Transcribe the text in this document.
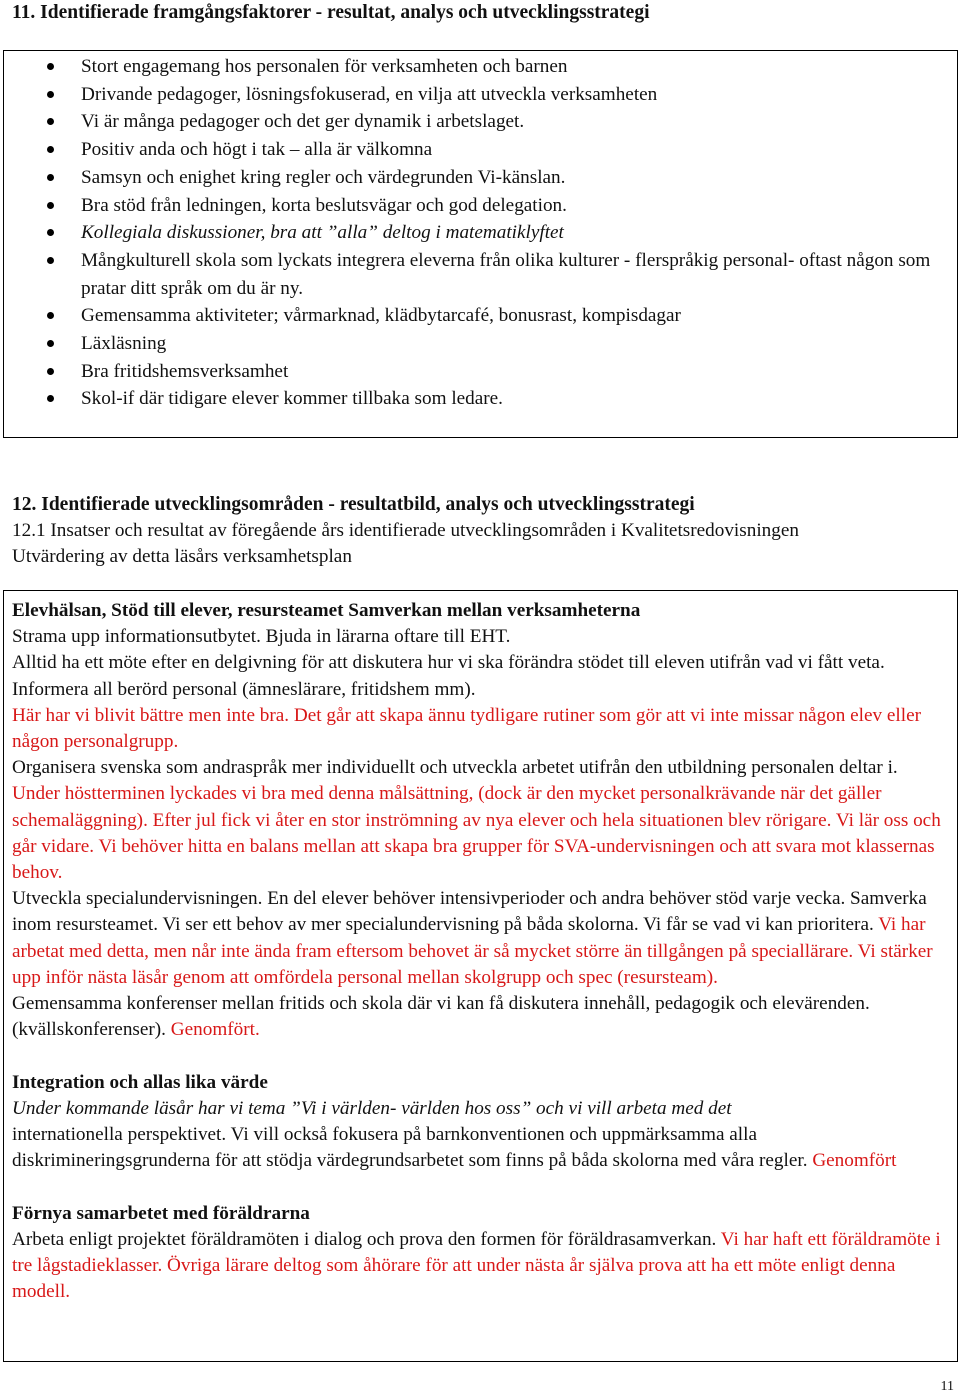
11. Identifierade framgångsfaktorer - resultat, analys och utvecklingsstrategi
Stort engagemang hos personalen för verksamheten och barnen
Drivande pedagoger, lösningsfokuserad, en vilja att utveckla verksamheten
Vi är många pedagoger och det ger dynamik i arbetslaget.
Positiv anda och högt i tak – alla är välkomna
Samsyn och enighet kring regler och värdegrunden Vi-känslan.
Bra stöd från ledningen, korta beslutsvägar och god delegation.
Kollegiala diskussioner, bra att ”alla” deltog i matematiklyftet
Mångkulturell skola som lyckats integrera eleverna från olika kulturer - flerspråkig personal- oftast någon som pratar ditt språk om du är ny.
Gemensamma aktiviteter; vårmarknad, klädbytarcafé, bonusrast, kompisdagar
Läxläsning
Bra fritidshemsverksamhet
Skol-if där tidigare elever kommer tillbaka som ledare.
12. Identifierade utvecklingsområden - resultatbild, analys och utvecklingsstrategi
12.1 Insatser och resultat av föregående års identifierade utvecklingsområden i Kvalitetsredovisningen
Utvärdering av detta läsårs verksamhetsplan

Elevhälsan, Stöd till elever, resursteamet Samverkan mellan verksamheterna

Strama upp informationsutbytet. Bjuda in lärarna oftare till EHT.

Alltid ha ett möte efter en delgivning för att diskutera hur vi ska förändra stödet till eleven utifrån vad vi fått veta. Informera all berörd personal (ämneslärare, fritidshem mm).

Här har vi blivit bättre men inte bra. Det går att skapa ännu tydligare rutiner som gör att vi inte missar någon elev eller någon personalgrupp.

Organisera svenska som andraspråk mer individuellt och utveckla arbetet utifrån den utbildning personalen deltar i. Under höstterminen lyckades vi bra med denna målsättning, (dock är den mycket personalkrävande när det gäller schemaläggning). Efter jul fick vi åter en stor inströmning av nya elever och hela situationen blev rörigare. Vi lär oss och går vidare. Vi behöver hitta en balans mellan att skapa bra grupper för SVA-undervisningen och att svara mot klassernas behov.

Utveckla specialundervisningen. En del elever behöver intensivperioder och andra behöver stöd varje vecka. Samverka inom resursteamet. Vi ser ett behov av mer specialundervisning på båda skolorna. Vi får se vad vi kan prioritera. Vi har arbetat med detta, men når inte ända fram eftersom behovet är så mycket större än tillgången på speciallärare. Vi stärker upp inför nästa läsår genom att omfördela personal mellan skolgrupp och spec (resursteam).

Gemensamma konferenser mellan fritids och skola där vi kan få diskutera innehåll, pedagogik och elevärenden. (kvällskonferenser). Genomfört.

Integration och allas lika värde

Under kommande läsår har vi tema ”Vi i världen- världen hos oss” och vi vill arbeta med det

internationella perspektivet. Vi vill också fokusera på barnkonventionen och uppmärksamma alla diskrimineringsgrunderna för att stödja värdegrundsarbetet som finns på båda skolorna med våra regler. Genomfört

Förnya samarbetet med föräldrarna

Arbeta enligt projektet föräldramöten i dialog och prova den formen för föräldrasamverkan. Vi har haft ett föräldramöte i tre lågstadieklasser. Övriga lärare deltog som åhörare för att under nästa år själva prova att ha ett möte enligt denna modell.

11
